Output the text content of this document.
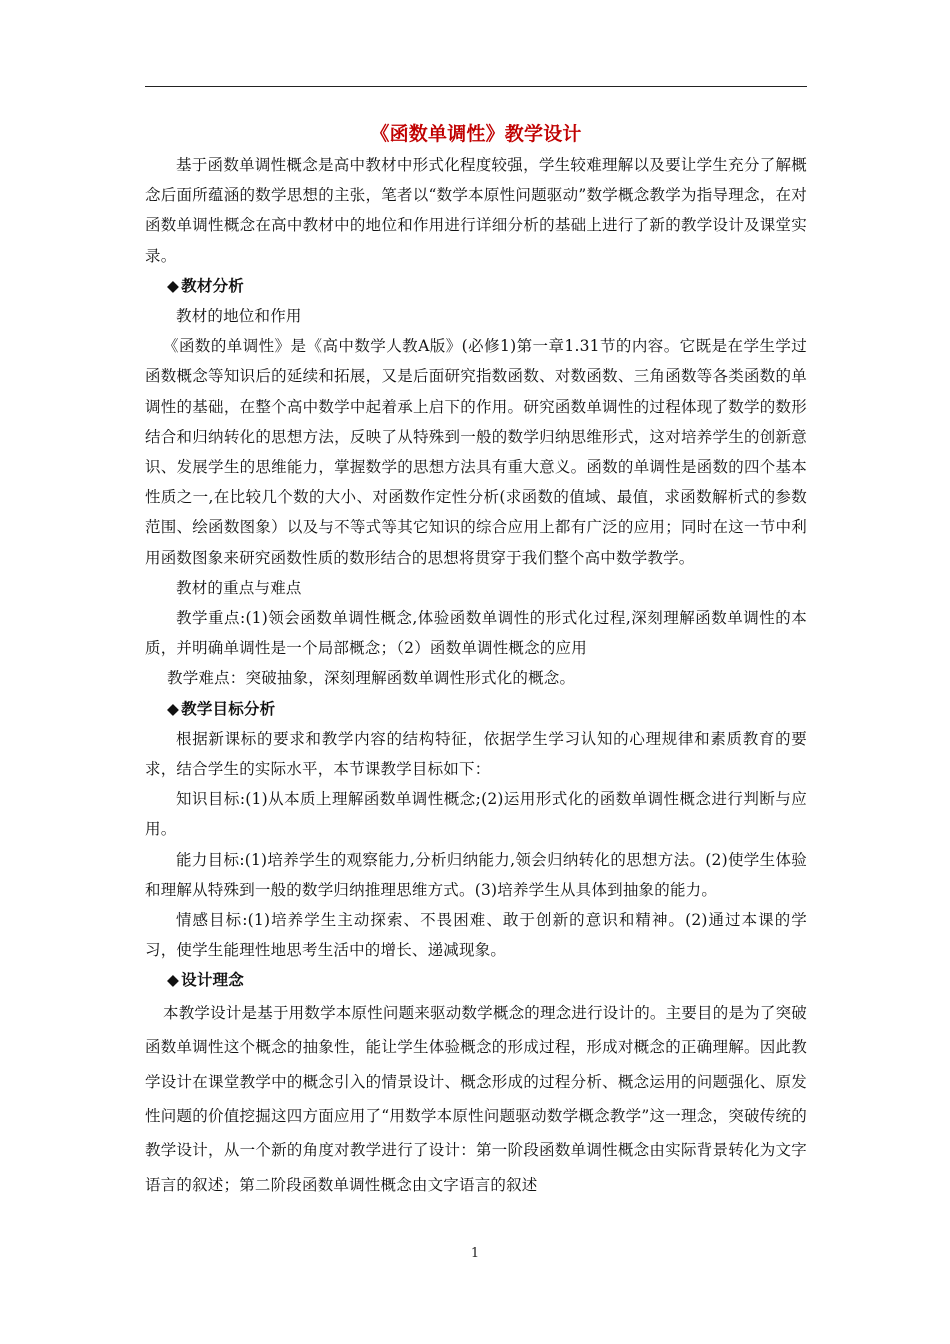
《函数单调性》教学设计

基于函数单调性概念是高中教材中形式化程度较强，学生较难理解以及要让学生充分了解概念后面所蕴涵的数学思想的主张，笔者以“数学本原性问题驱动”数学概念教学为指导理念，在对函数单调性概念在高中教材中的地位和作用进行详细分析的基础上进行了新的教学设计及课堂实录。

◆ 教材分析

教材的地位和作用

《函数的单调性》是《高中数学人教A版》(必修1)第一章1.31节的内容。它既是在学生学过函数概念等知识后的延续和拓展，又是后面研究指数函数、对数函数、三角函数等各类函数的单调性的基础，在整个高中数学中起着承上启下的作用。研究函数单调性的过程体现了数学的数形结合和归纳转化的思想方法，反映了从特殊到一般的数学归纳思维形式，这对培养学生的创新意识、发展学生的思维能力，掌握数学的思想方法具有重大意义。函数的单调性是函数的四个基本性质之一,在比较几个数的大小、对函数作定性分析(求函数的值域、最值，求函数解析式的参数范围、绘函数图象）以及与不等式等其它知识的综合应用上都有广泛的应用；同时在这一节中利用函数图象来研究函数性质的数形结合的思想将贯穿于我们整个高中数学教学。

教材的重点与难点

教学重点:(1)领会函数单调性概念,体验函数单调性的形式化过程,深刻理解函数单调性的本质，并明确单调性是一个局部概念；（2）函数单调性概念的应用

教学难点：突破抽象，深刻理解函数单调性形式化的概念。

◆ 教学目标分析

根据新课标的要求和教学内容的结构特征，依据学生学习认知的心理规律和素质教育的要求，结合学生的实际水平，本节课教学目标如下：

知识目标:(1)从本质上理解函数单调性概念;(2)运用形式化的函数单调性概念进行判断与应用。

能力目标:(1)培养学生的观察能力,分析归纳能力,领会归纳转化的思想方法。(2)使学生体验和理解从特殊到一般的数学归纳推理思维方式。(3)培养学生从具体到抽象的能力。

情感目标:(1)培养学生主动探索、不畏困难、敢于创新的意识和精神。(2)通过本课的学习，使学生能理性地思考生活中的增长、递减现象。

◆ 设计理念

本教学设计是基于用数学本原性问题来驱动数学概念的理念进行设计的。主要目的是为了突破函数单调性这个概念的抽象性，能让学生体验概念的形成过程，形成对概念的正确理解。因此教学设计在课堂教学中的概念引入的情景设计、概念形成的过程分析、概念运用的问题强化、原发性问题的价值挖掘这四方面应用了“用数学本原性问题驱动数学概念教学”这一理念，突破传统的教学设计，从一个新的角度对教学进行了设计：第一阶段函数单调性概念由实际背景转化为文字语言的叙述；第二阶段函数单调性概念由文字语言的叙述

1
